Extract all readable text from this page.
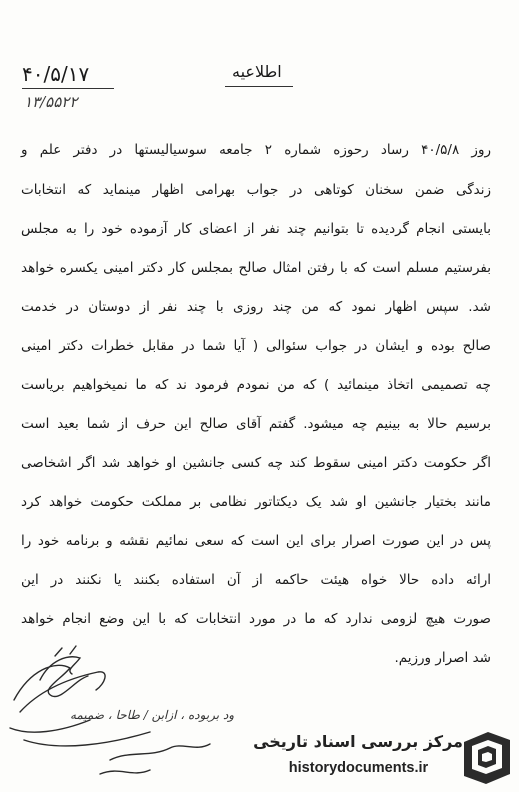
۴۰/۵/۱۷	اطلاعیه
۱۳/۵۵۲۲
روز ۴۰/۵/۸ رساد رحوزه شماره ۲ جامعه سوسیالیستها در دفتر علم و
زندگی ضمن سخنان کوتاهی در جواب بهرامی اظهار مینماید که انتخابات
بایستی انجام گردیده تا بتوانیم چند نفر از اعضای کار آزموده خود را به مجلس
بفرستیم مسلم است که با رفتن امثال صالح بمجلس کار دکتر امینی یکسره خواهد
شد. سپس اظهار نمود که من چند روزی با چند نفر از دوستان در خدمت
صالح بوده و ایشان در جواب سئوالی ( آیا شما در مقابل خطرات دکتر امینی
چه تصمیمی اتخاذ مینمائید ) که من نمودم فرمود ند که ما نمیخواهیم بریاست
برسیم حالا به بینیم چه میشود. گفتم آقای صالح این حرف از شما بعید است
اگر حکومت دکتر امینی سقوط کند چه کسی جانشین او خواهد شد اگر اشخاصی
مانند بختیار جانشین او شد یک دیکتاتور نظامی بر مملکت حکومت خواهد کرد
پس در این صورت اصرار برای این است که سعی نمائیم نقشه و برنامه خود را
ارائه داده حالا خواه هیئت حاکمه از آن استفاده بکنند یا نکنند در این
صورت هیچ لزومی ندارد که ما در مورد انتخابات که با این وضع انجام خواهد
شد اصرار ورزیم.
ود بربوده ، ازابن / طاحا ، ضمیمه
مرکز بررسی اسناد تاریخی
historydocuments.ir
